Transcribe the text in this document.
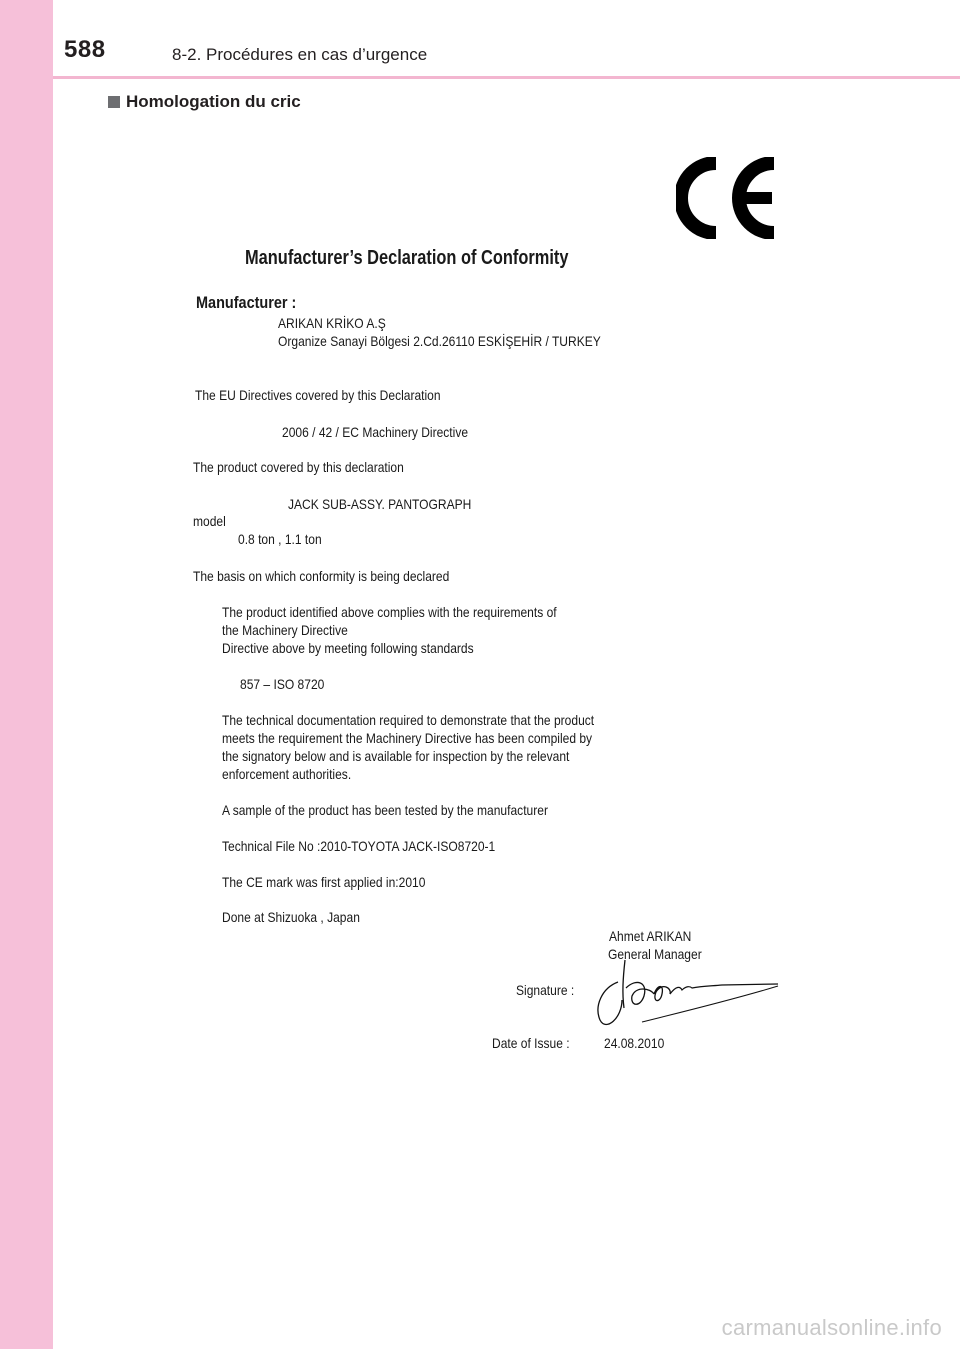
588	8-2. Procédures en cas d’urgence
Homologation du cric
Manufacturer’s Declaration of Conformity
Manufacturer :
ARIKAN KRİKO A.Ş
Organize Sanayi Bölgesi 2.Cd.26110 ESKİŞEHİR / TURKEY
The EU Directives covered by this Declaration
2006 / 42 / EC Machinery Directive
The product covered by this declaration
JACK SUB-ASSY. PANTOGRAPH
model
0.8 ton , 1.1 ton
The basis on which conformity is being declared
The product identified above complies with the requirements of
the Machinery Directive
Directive above by meeting following standards
857 – ISO 8720
The technical documentation required to demonstrate that the product
meets the requirement the Machinery Directive has been compiled by
the signatory below and is available for inspection by the relevant
enforcement authorities.
A sample of the product has been tested by the manufacturer
Technical File No :2010-TOYOTA JACK-ISO8720-1
The CE mark was first applied in:2010
Done at Shizuoka , Japan
Ahmet ARIKAN
General Manager
Signature :
Date of Issue : 24.08.2010
carmanualsonline.info
